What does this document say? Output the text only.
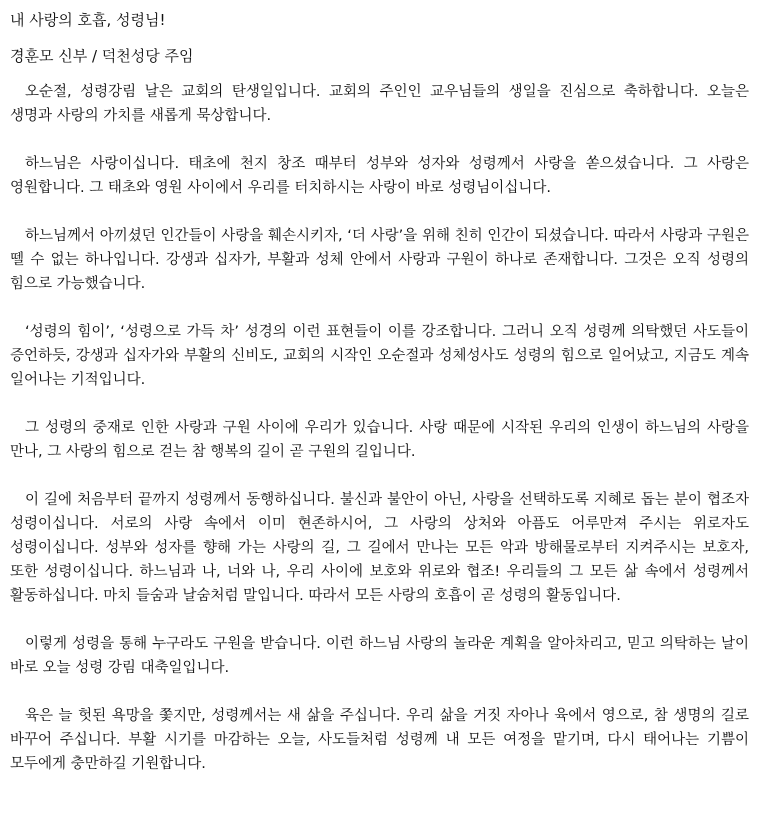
내 사랑의 호흡, 성령님!
경훈모 신부 / 덕천성당 주임

오순절, 성령강림 날은 교회의 탄생일입니다. 교회의 주인인 교우님들의 생일을 진심으로 축하합니다. 오늘은 생명과 사랑의 가치를 새롭게 묵상합니다.

하느님은 사랑이십니다. 태초에 천지 창조 때부터 성부와 성자와 성령께서 사랑을 쏟으셨습니다. 그 사랑은 영원합니다. 그 태초와 영원 사이에서 우리를 터치하시는 사랑이 바로 성령님이십니다.

하느님께서 아끼셨던 인간들이 사랑을 훼손시키자, ‘더 사랑’을 위해 친히 인간이 되셨습니다. 따라서 사랑과 구원은 뗄 수 없는 하나입니다. 강생과 십자가, 부활과 성체 안에서 사랑과 구원이 하나로 존재합니다. 그것은 오직 성령의 힘으로 가능했습니다.

‘성령의 힘이’, ‘성령으로 가득 차’ 성경의 이런 표현들이 이를 강조합니다. 그러니 오직 성령께 의탁했던 사도들이 증언하듯, 강생과 십자가와 부활의 신비도, 교회의 시작인 오순절과 성체성사도 성령의 힘으로 일어났고, 지금도 계속 일어나는 기적입니다.

그 성령의 중재로 인한 사랑과 구원 사이에 우리가 있습니다. 사랑 때문에 시작된 우리의 인생이 하느님의 사랑을 만나, 그 사랑의 힘으로 걷는 참 행복의 길이 곧 구원의 길입니다.

이 길에 처음부터 끝까지 성령께서 동행하십니다. 불신과 불안이 아닌, 사랑을 선택하도록 지혜로 돕는 분이 협조자 성령이십니다. 서로의 사랑 속에서 이미 현존하시어, 그 사랑의 상처와 아픔도 어루만져 주시는 위로자도 성령이십니다. 성부와 성자를 향해 가는 사랑의 길, 그 길에서 만나는 모든 악과 방해물로부터 지켜주시는 보호자, 또한 성령이십니다. 하느님과 나, 너와 나, 우리 사이에 보호와 위로와 협조! 우리들의 그 모든 삶 속에서 성령께서 활동하십니다. 마치 들숨과 날숨처럼 말입니다. 따라서 모든 사랑의 호흡이 곧 성령의 활동입니다.

이렇게 성령을 통해 누구라도 구원을 받습니다. 이런 하느님 사랑의 놀라운 계획을 알아차리고, 믿고 의탁하는 날이 바로 오늘 성령 강림 대축일입니다.

육은 늘 헛된 욕망을 쫓지만, 성령께서는 새 삶을 주십니다. 우리 삶을 거짓 자아나 육에서 영으로, 참 생명의 길로 바꾸어 주십니다. 부활 시기를 마감하는 오늘, 사도들처럼 성령께 내 모든 여정을 맡기며, 다시 태어나는 기쁨이 모두에게 충만하길 기원합니다.
